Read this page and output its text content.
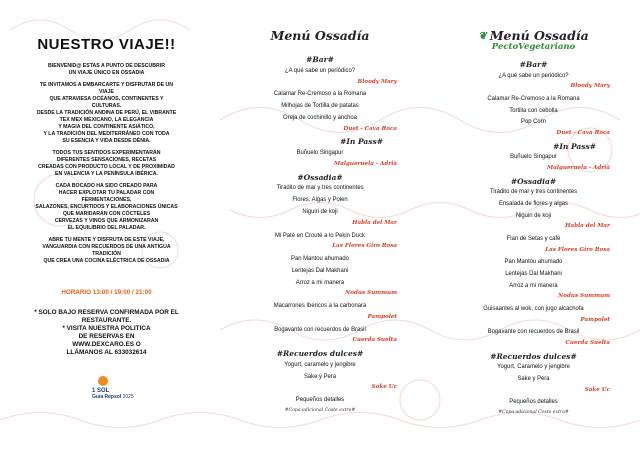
NUESTRO VIAJE!!

BIENVENID@ ESTAS A PUNTO DE DESCUBRIR
UN VIAJE ÚNICO EN OSSADIA

TE INVITAMOS A EMBARCARTE Y DISFRUTAR DE UN
VIAJE
QUE ATRAVIESA OCÉANOS, CONTINENTES Y
CULTURAS.
DESDE LA TRADICIÓN ANDINA DE PERÚ, EL VIBRANTE
TEX MEX MEXICANO, LA ELEGANCIA
Y MAGIA DEL CONTINENTE ASIÁTICO,
Y LA TRADICIÓN DEL MEDITERRÁNEO CON TODA
SU ESENCIA Y VIDA DESDE DÈNIA.

TODOS TUS SENTIDOS EXPERIMENTARÁN
DIFERENTES SENSACIONES, RECETAS
CREADAS CON PRODUCTO LOCAL Y DE PROXIMIDAD
EN VALENCIA Y LA PENÍNSULA IBÉRICA.

CADA BOCADO HA SIDO CREADO PARA
HACER EXPLOTAR TU PALADAR CON
FERMENTACIONES,
SALAZONES, ENCURTIDOS Y ELABORACIONES ÚNICAS
QUE MARIDARÁN CON CÓCTELES
CERVEZAS Y VINOS QUE ARMONIZARAN
EL EQUILIBRIO DEL PALADAR.

ABRE TU MENTE Y DISFRUTA DE ESTE VIAJE,
VANGUARDIA CON RECUERDOS DE UNA ANTIGUA
TRADICIÓN
QUE CREA UNA COCINA ELÉCTRICA DE OSSADIA

HORARIO 13:00 / 19:00 / 21:00

* SOLO BAJO RESERVA CONFIRMADA POR EL
RESTAURANTE.

* VISITA NUESTRA POLITICA
DE RESERVAS EN
WWW.DEXCARO.ES O
LLÁMANOS AL 633032614

1 SOL
Guía Repsol 2025
Menú Ossadía
#Bar#
¿A qué sabe un periódico?
Bloody Mary
Calamar Re-Cremoso a la Romana
Milhojas de Tortilla de patatas
Oreja de cochinillo y anchoa
Duet - Cava Roca
#In Pass#
Buñuelo Singapur
Malgueruela - Adrià
#Ossadia#
Tiradito de mar y tres continentes
Flores, Algas y Polen
Niguiri de koji
Habla del Mar
Mi Paté en Crouté a lo Pekin Duck
Las Flores Giro Rosa
Pan Mantou ahumado
Lentejas Dal Makhani
Arroz a mi manera
Nodus Summum
Macarrones Ibericos a la carbonara
Pampolet
Bogavante con recuerdos de Brasil
Cuerda Suelta
#Recuerdos dulces#
Yogurt, caramelo y jengibre
Sake y Pera
Sake Uc
Pequeños detalles
#Copa adicional Coste extra#
❦ Menú Ossadía
PectoVegetariano
#Bar#
¿A qué sabe un periódico?
Bloody Mary
Calamar Re-Cremoso a la Romana
Tortilla con cebolla
Pop Corn
Duet - Cava Roca
#In Pass#
Buñuelo Singapur
Malgueruela - Adrià
#Ossadia#
Tiradito de mar y tres continentes
Ensalada de flores y algas
Niguiri de koji
Habla del Mar
Flan de Setas y café
Las Flores Giro Rosa
Pan Mantou ahumado
Lentejas Dal Makhani
Arroz a mi manera
Nodus Summum
Guisaantes al wok, con jugo alcachofa
Pampolet
Bogavante con recuerdos de Brasil
Cuerda Suelta
#Recuerdos dulces#
Yogurt, Caramelo y jengibre
Sake y Pera
Sake Uc
Pequeños detalles
#Copa adicional Coste extra#
